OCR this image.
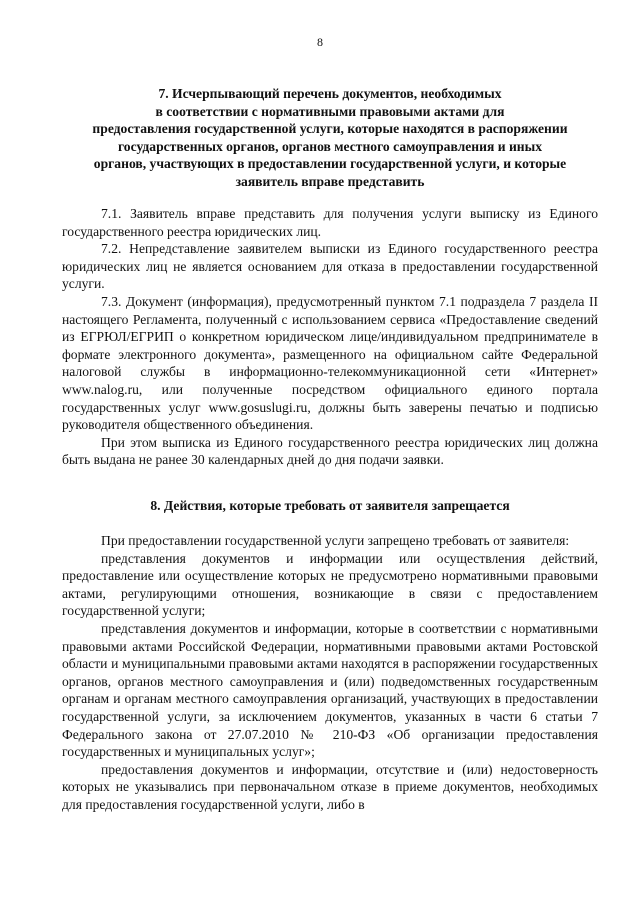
8

7. Исчерпывающий перечень документов, необходимых
в соответствии с нормативными правовыми актами для
предоставления государственной услуги, которые находятся в распоряжении
государственных органов, органов местного самоуправления и иных
органов, участвующих в предоставлении государственной услуги, и которые
заявитель вправе представить

7.1. Заявитель вправе представить для получения услуги выписку из Единого государственного реестра юридических лиц.

7.2. Непредставление заявителем выписки из Единого государственного реестра юридических лиц не является основанием для отказа в предоставлении государственной услуги.

7.3. Документ (информация), предусмотренный пунктом 7.1 подраздела 7 раздела II настоящего Регламента, полученный с использованием сервиса «Предоставление сведений из ЕГРЮЛ/ЕГРИП о конкретном юридическом лице/индивидуальном предпринимателе в формате электронного документа», размещенного на официальном сайте Федеральной налоговой службы в информационно-телекоммуникационной сети «Интернет» www.nalog.ru, или полученные посредством официального единого портала государственных услуг www.gosuslugi.ru, должны быть заверены печатью и подписью руководителя общественного объединения.

При этом выписка из Единого государственного реестра юридических лиц должна быть выдана не ранее 30 календарных дней до дня подачи заявки.

8. Действия, которые требовать от заявителя запрещается

При предоставлении государственной услуги запрещено требовать от заявителя:

представления документов и информации или осуществления действий, предоставление или осуществление которых не предусмотрено нормативными правовыми актами, регулирующими отношения, возникающие в связи с предоставлением государственной услуги;

представления документов и информации, которые в соответствии с нормативными правовыми актами Российской Федерации, нормативными правовыми актами Ростовской области и муниципальными правовыми актами находятся в распоряжении государственных органов, органов местного самоуправления и (или) подведомственных государственным органам и органам местного самоуправления организаций, участвующих в предоставлении государственной услуги, за исключением документов, указанных в части 6 статьи 7 Федерального закона от 27.07.2010 № 210-ФЗ «Об организации предоставления государственных и муниципальных услуг»;

предоставления документов и информации, отсутствие и (или) недостоверность которых не указывались при первоначальном отказе в приеме документов, необходимых для предоставления государственной услуги, либо в
